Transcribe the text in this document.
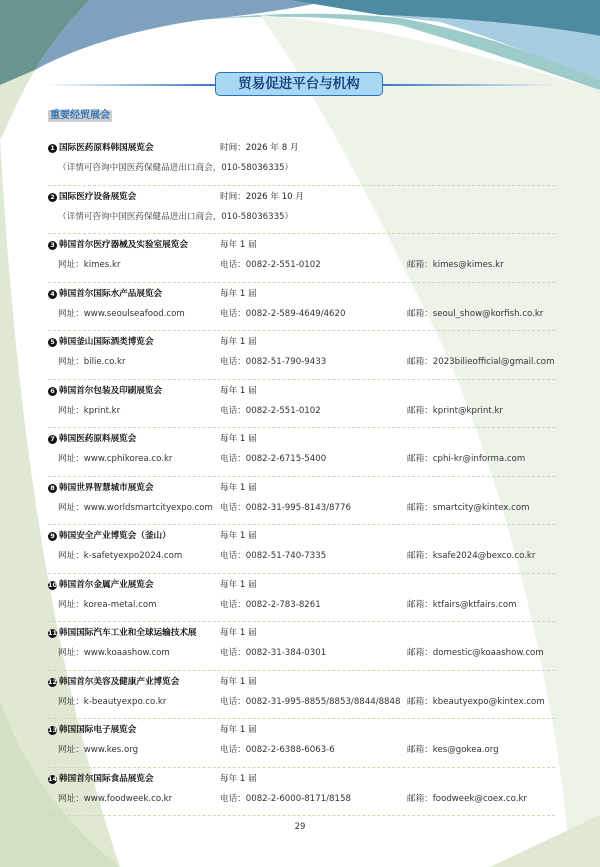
贸易促进平台与机构
重要经贸展会
1 国际医药原料韩国展览会	时间：2026 年 8 月
（详情可咨询中国医药保健品进出口商会，010-58036335）
2 国际医疗设备展览会	时间：2026 年 10 月
（详情可咨询中国医药保健品进出口商会，010-58036335）
3 韩国首尔医疗器械及实验室展览会	每年 1 届
网址：kimes.kr	电话：0082-2-551-0102	邮箱：kimes@kimes.kr
4 韩国首尔国际水产品展览会	每年 1 届
网址：www.seoulseafood.com	电话：0082-2-589-4649/4620	邮箱：seoul_show@korfish.co.kr
5 韩国釜山国际酒类博览会	每年 1 届
网址：bilie.co.kr	电话：0082-51-790-9433	邮箱：2023bilieofficial@gmail.com
6 韩国首尔包装及印刷展览会	每年 1 届
网址：kprint.kr	电话：0082-2-551-0102	邮箱：kprint@kprint.kr
7 韩国医药原料展览会	每年 1 届
网址：www.cphikorea.co.kr	电话：0082-2-6715-5400	邮箱：cphi-kr@informa.com
8 韩国世界智慧城市展览会	每年 1 届
网址：www.worldsmartcityexpo.com 电话：0082-31-995-8143/8776	邮箱：smartcity@kintex.com
9 韩国安全产业博览会（釜山）	每年 1 届
网址：k-safetyexpo2024.com	电话：0082-51-740-7335	邮箱：ksafe2024@bexco.co.kr
10 韩国首尔金属产业展览会	每年 1 届
网址：korea-metal.com	电话：0082-2-783-8261	邮箱：ktfairs@ktfairs.com
11 韩国国际汽车工业和全球运输技术展	每年 1 届
网址：www.koaashow.com	电话：0082-31-384-0301	邮箱：domestic@koaashow.com
12 韩国首尔美容及健康产业博览会	每年 1 届
网址：k-beautyexpo.co.kr	电话：0082-31-995-8855/8853/8844/8848 邮箱：kbeautyexpo@kintex.com
13 韩国国际电子展览会	每年 1 届
网址：www.kes.org	电话：0082-2-6388-6063-6	邮箱：kes@gokea.org
14 韩国首尔国际食品展览会	每年 1 届
网址：www.foodweek.co.kr	电话：0082-2-6000-8171/8158	邮箱：foodweek@coex.co.kr
29
